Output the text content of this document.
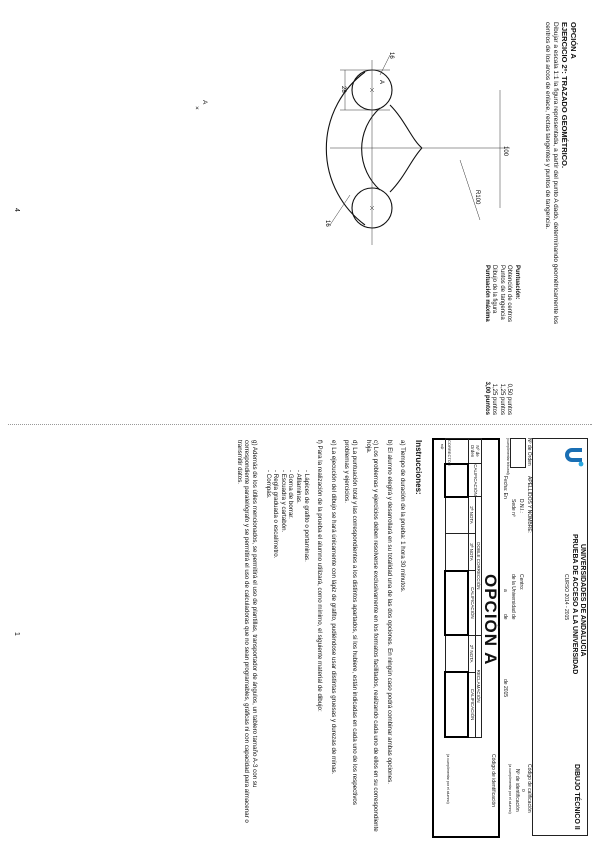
OPCIÓN A
EJERCICIO 2º: TRAZADO GEOMÉTRICO.
Dibujar a escala 1:1 la figura representada, a partir del punto A dado, determinando geométricamente los
centros de los arcos de enlace, rectas tangentes y puntos de tangencia.
28
100
R100
16
16
A
A
×
Puntuación:
Obtención de centros
0,50 puntos
Puntos de tangencia
1,25 puntos
Dibujo de la figura
1,25 puntos
Puntuación máxima
3,00 puntos
4
UNIVERSIDADES DE ANDALUCÍA
PRUEBA DE ACCESO A LA UNIVERSIDAD
CURSO 2014 - 2015
DIBUJO TÉCNICO II
Nº de Orden
(cumplimentar tribunal)
APELLIDOS Y NOMBRE:
D.N.I.:
Centro:
Sede nº
de la Universidad de
Fecha: En
a
de
de 2015
Código de calificación
o
Nº de identificación
(a cumplimentar por el alumno)
OPCIÓN A
Código de identificación
(a cumplimentar por el alumno)
Nº de Orden	CALIFICACIÓN	DOBLE CORRECCIÓN			RECLAMACIÓN	
		2ª NOTA	3ª NOTA	CALIFICACIÓN	2ª NOTA	CALIFICACIÓN

CORRECTOR
⇨
Instrucciones:

a) Tiempo de duración de la prueba: 1 hora 30 minutos.

b) El alumno elegirá y desarrollará en su totalidad una de las dos opciones. En ningún caso podrá combinar ambas opciones.

c) Los problemas y ejercicios deben resolverse exclusivamente en los formatos facilitados, realizando cada uno de ellos en su correspondiente hoja.

d) La puntuación total y las correspondientes a los distintos apartados, si los hubiere, están indicadas en cada uno de los respectivos problemas y ejercicios.

e) La ejecución del dibujo se hará únicamente con lápiz de grafito, pudiéndose usar distintas gruesas y durezas de minas.

f) Para la realización de la prueba el alumno utilizará, como mínimo, el siguiente material de dibujo:

- Lápices de grafito o portaminas.
- Afilaminas.
- Goma de borrar.
- Escuadra y cartabón.
- Regla graduada o escalímetro.
- Compás.

g) Además de los útiles mencionados, se permitirá el uso de plantillas, transportador de ángulos, un tablero tamaño A-3 con su correspondiente paralelógrafo y se permitirá el uso de calculadoras que no sean programables, gráficas ni con capacidad para almacenar o transmitir datos.

1
